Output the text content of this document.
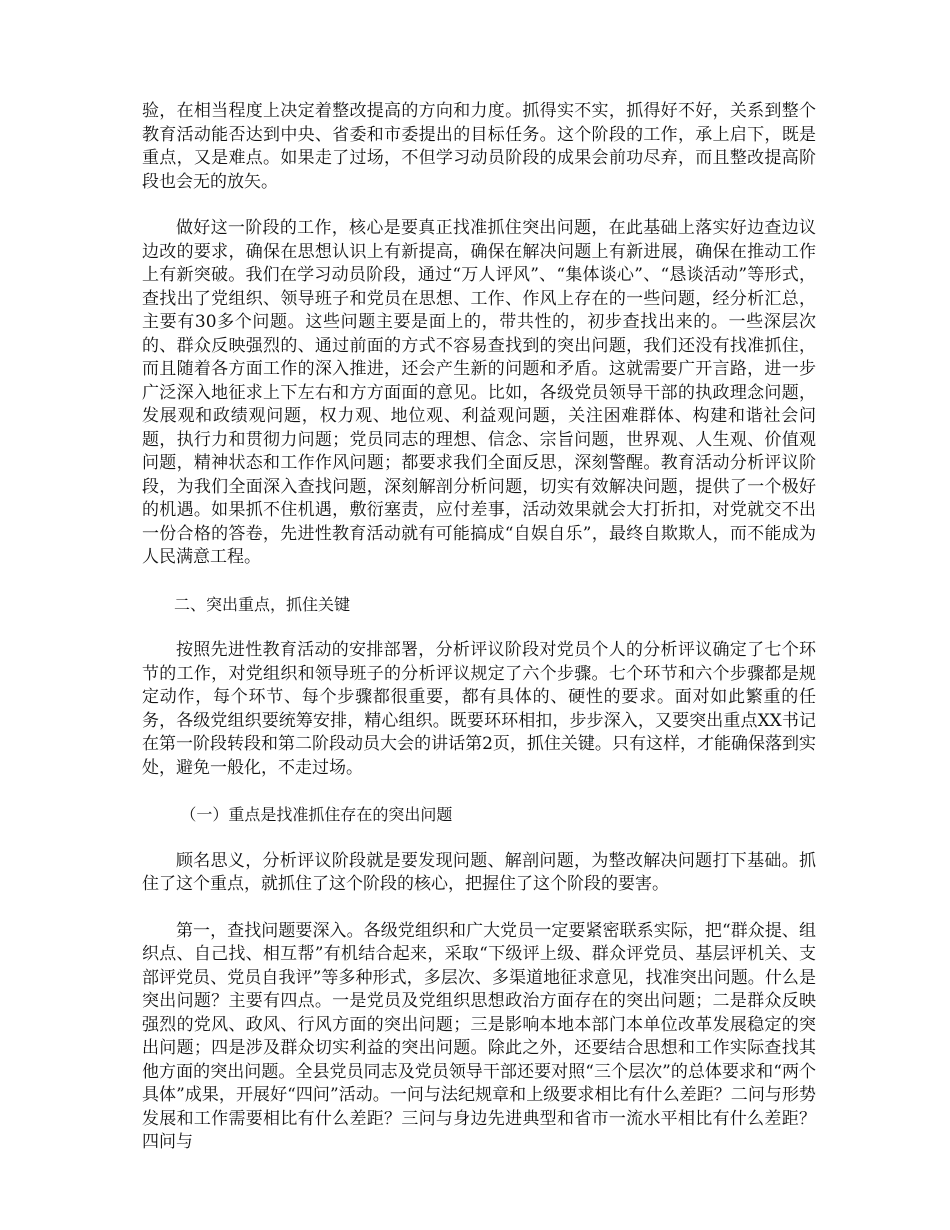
验，在相当程度上决定着整改提高的方向和力度。抓得实不实，抓得好不好，关系到整个教育活动能否达到中央、省委和市委提出的目标任务。这个阶段的工作，承上启下，既是重点，又是难点。如果走了过场，不但学习动员阶段的成果会前功尽弃，而且整改提高阶段也会无的放矢。

做好这一阶段的工作，核心是要真正找准抓住突出问题，在此基础上落实好边查边议边改的要求，确保在思想认识上有新提高，确保在解决问题上有新进展，确保在推动工作上有新突破。我们在学习动员阶段，通过“万人评风”、“集体谈心”、“恳谈活动”等形式，查找出了党组织、领导班子和党员在思想、工作、作风上存在的一些问题，经分析汇总，主要有30多个问题。这些问题主要是面上的，带共性的，初步查找出来的。一些深层次的、群众反映强烈的、通过前面的方式不容易查找到的突出问题，我们还没有找准抓住，而且随着各方面工作的深入推进，还会产生新的问题和矛盾。这就需要广开言路，进一步广泛深入地征求上下左右和方方面面的意见。比如，各级党员领导干部的执政理念问题，发展观和政绩观问题，权力观、地位观、利益观问题，关注困难群体、构建和谐社会问题，执行力和贯彻力问题；党员同志的理想、信念、宗旨问题，世界观、人生观、价值观问题，精神状态和工作作风问题；都要求我们全面反思，深刻警醒。教育活动分析评议阶段，为我们全面深入查找问题，深刻解剖分析问题，切实有效解决问题，提供了一个极好的机遇。如果抓不住机遇，敷衍塞责，应付差事，活动效果就会大打折扣，对党就交不出一份合格的答卷，先进性教育活动就有可能搞成“自娱自乐”，最终自欺欺人，而不能成为人民满意工程。

二、突出重点，抓住关键

按照先进性教育活动的安排部署，分析评议阶段对党员个人的分析评议确定了七个环节的工作，对党组织和领导班子的分析评议规定了六个步骤。七个环节和六个步骤都是规定动作，每个环节、每个步骤都很重要，都有具体的、硬性的要求。面对如此繁重的任务，各级党组织要统筹安排，精心组织。既要环环相扣，步步深入，又要突出重点XX书记在第一阶段转段和第二阶段动员大会的讲话第2页，抓住关键。只有这样，才能确保落到实处，避免一般化，不走过场。

（一）重点是找准抓住存在的突出问题

顾名思义，分析评议阶段就是要发现问题、解剖问题，为整改解决问题打下基础。抓住了这个重点，就抓住了这个阶段的核心，把握住了这个阶段的要害。

第一，查找问题要深入。各级党组织和广大党员一定要紧密联系实际，把“群众提、组织点、自己找、相互帮”有机结合起来，采取“下级评上级、群众评党员、基层评机关、支部评党员、党员自我评”等多种形式，多层次、多渠道地征求意见，找准突出问题。什么是突出问题？主要有四点。一是党员及党组织思想政治方面存在的突出问题；二是群众反映强烈的党风、政风、行风方面的突出问题；三是影响本地本部门本单位改革发展稳定的突出问题；四是涉及群众切实利益的突出问题。除此之外，还要结合思想和工作实际查找其他方面的突出问题。全县党员同志及党员领导干部还要对照“三个层次”的总体要求和“两个具体”成果，开展好“四问”活动。一问与法纪规章和上级要求相比有什么差距？二问与形势发展和工作需要相比有什么差距？三问与身边先进典型和省市一流水平相比有什么差距？四问与
